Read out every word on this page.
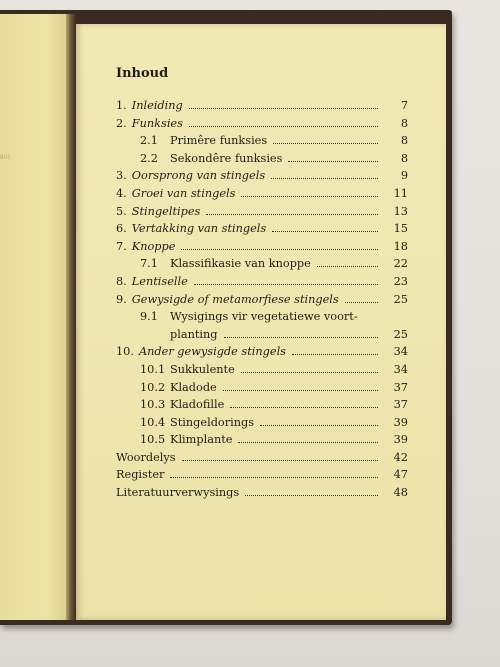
80)
Inhoud
1. Inleiding	7
2. Funksies	8
2.1	Primêre funksies	8
2.2	Sekondêre funksies	8
3. Oorsprong van stingels	9
4. Groei van stingels	11
5. Stingeltipes	13
6. Vertakking van stingels	15
7. Knoppe	18
7.1	Klassifikasie van knoppe	22
8. Lentiselle	23
9. Gewysigde of metamorfiese stingels	25
9.1	Wysigings vir vegetatiewe voort-
planting	25
10. Ander gewysigde stingels	34
10.1 Sukkulente	34
10.2 Kladode	37
10.3 Kladofille	37
10.4 Stingeldorings	39
10.5 Klimplante	39
Woordelys	42
Register	47
Literatuurverwysings	48
